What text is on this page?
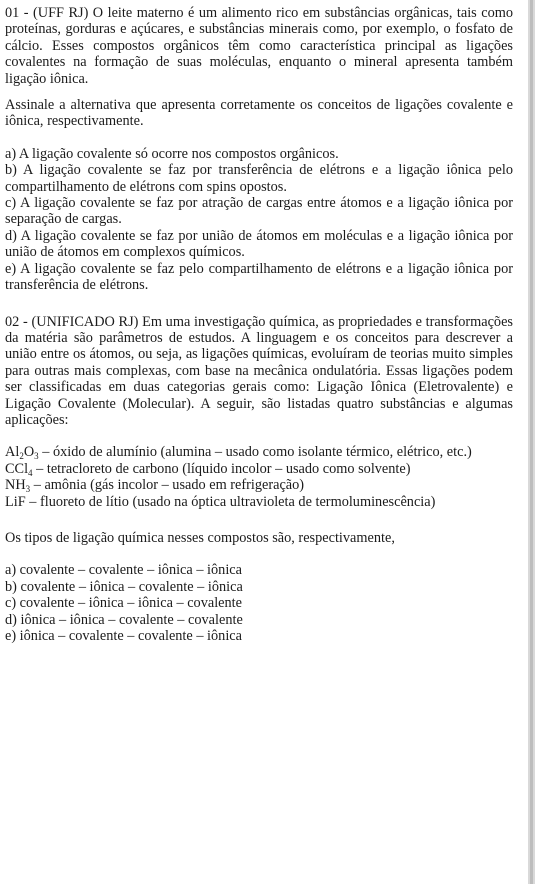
01 - (UFF RJ) O leite materno é um alimento rico em substâncias orgânicas, tais como proteínas, gorduras e açúcares, e substâncias minerais como, por exemplo, o fosfato de cálcio. Esses compostos orgânicos têm como característica principal as ligações covalentes na formação de suas moléculas, enquanto o mineral apresenta também ligação iônica.

Assinale a alternativa que apresenta corretamente os conceitos de ligações covalente e iônica, respectivamente.

a) A ligação covalente só ocorre nos compostos orgânicos.

b) A ligação covalente se faz por transferência de elétrons e a ligação iônica pelo compartilhamento de elétrons com spins opostos.

c) A ligação covalente se faz por atração de cargas entre átomos e a ligação iônica por separação de cargas.

d) A ligação covalente se faz por união de átomos em moléculas e a ligação iônica por união de átomos em complexos químicos.

e) A ligação covalente se faz pelo compartilhamento de elétrons e a ligação iônica por transferência de elétrons.

02 - (UNIFICADO RJ) Em uma investigação química, as propriedades e transformações da matéria são parâmetros de estudos. A linguagem e os conceitos para descrever a união entre os átomos, ou seja, as ligações químicas, evoluíram de teorias muito simples para outras mais complexas, com base na mecânica ondulatória. Essas ligações podem ser classificadas em duas categorias gerais como: Ligação Iônica (Eletrovalente) e Ligação Covalente (Molecular). A seguir, são listadas quatro substâncias e algumas aplicações:

$Al_2O_3$ – óxido de alumínio (alumina – usado como isolante térmico, elétrico, etc.)

CCl$_4$ – tetracloreto de carbono (líquido incolor – usado como solvente)

$NH_3$ – amônia (gás incolor – usado em refrigeração)

LiF – fluoreto de lítio (usado na óptica ultravioleta de termoluminescência)

Os tipos de ligação química nesses compostos são, respectivamente,

a) covalente – covalente – iônica – iônica

b) covalente – iônica – covalente – iônica

c) covalente – iônica – iônica – covalente

d) iônica – iônica – covalente – covalente

e) iônica – covalente – covalente – iônica
